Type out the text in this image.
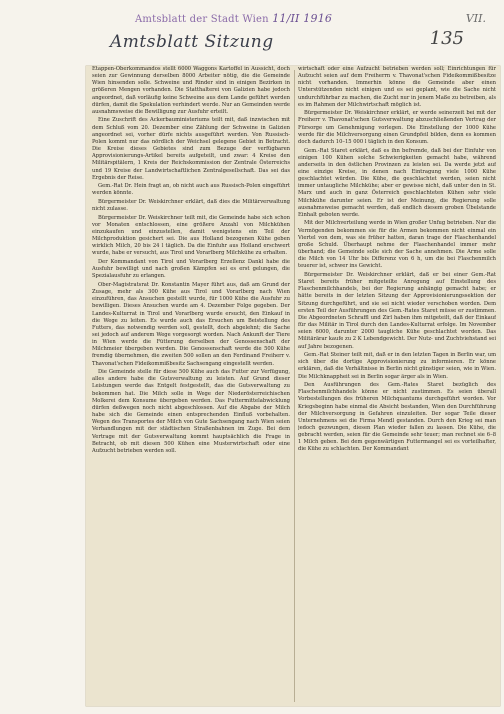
Amtsblatt der Stadt Wien 11/II 1916	VII.
Amtsblatt Sitzung	135

Etappen-Oberkommandos stellt 6000 Waggons Kartoffel in Aussicht, doch seien zur Gewinnung derselben 8000 Arbeiter nötig, die die Gemeinde Wien hinsenden solle. Schweine und Rinder sind in einigen Bezirken in größeren Mengen vorhanden. Die Statthalterei von Galizien habe jedoch angeordnet, daß vorläufig keine Schweine aus dem Lande geführt werden dürfen, damit die Spekulation verhindert werde. Nur an Gemeinden werde ausnahmsweise die Bewilligung zur Ausfuhr erteilt.

Eine Zuschrift des Ackerbauministeriums teilt mit, daß inzwischen mit dem Schluß vom 20. Dezember eine Zählung der Schweine in Galizien angeordnet sei, vorher dürfe nichts ausgeführt werden. Von Russisch-Polen kommt nur das nördlich der Weichsel gelegene Gebiet in Betracht. Die Kreise dieses Gebietes sind zum Bezuge der verfügbaren Approvisionierungs-Artikel bereits aufgeteilt, und zwar: 4 Kreise den Militärspitälern, 1 Kreis der Reichskommission der Zentrale Österreichs und 19 Kreise der Landwirtschaftlichen Zentralgesellschaft. Das sei das Ergebnis der Reise.

Gem.-Rat Dr. Hein fragt an, ob nicht auch aus Russisch-Polen eingeführt werden könnte.

Bürgermeister Dr. Weiskirchner erklärt, daß dies die Militärverwaltung nicht zulasse.

Bürgermeister Dr. Weiskirchner teilt mit, die Gemeinde habe sich schon vor Monaten entschlossen, eine größere Anzahl von Milchkühen einzukaufen und einzustellen, damit wenigstens ein Teil der Milchproduktion gesichert sei. Die aus Holland bezogenen Kühe geben wirklich Milch, 20 bis 24 l täglich. Da die Einfuhr aus Holland erschwert wurde, habe er versucht, aus Tirol und Vorarlberg Milchkühe zu erhalten.

Der Kommandant von Tirol und Vorarlberg Erzellenz Dankl habe die Ausfuhr bewilligt und nach großen Kämpfen sei es erst gelungen, die Spezialausfuhr zu erlangen.

Ober-Magistratsrat Dr. Konstantin Mayer führt aus, daß am Grund der Zusage, mehr als 300 Kühe aus Tirol und Vorarlberg nach Wien einzuführen, das Ansuchen gestellt wurde, für 1000 Kühe die Ausfuhr zu bewilligen. Dieses Ansuchen wurde am 4. Dezember Folge gegeben. Der Landes-Kulturrat in Tirol und Vorarlberg wurde ersucht, den Einkauf in die Wege zu leiten. Es wurde auch das Ersuchen um Beistellung des Futters, das notwendig werden soll, gestellt, doch abgelehnt; die Sache sei jedoch auf anderem Wege vorgesorgt worden. Nach Ankunft der Tiere in Wien werde die Fütterung derselben der Genossenschaft der Milchmeier übergeben werden. Die Genossenschaft werde die 500 Kühe fremdig übernehmen, die zweiten 500 sollen an den Ferdinand Freiherr v. Thavonat'schen Fideikommißbesitz Sachsengang eingestellt werden.

Die Gemeinde stelle für diese 500 Kühe auch das Futter zur Verfügung, alles andere habe die Gutsverwaltung zu leisten. Auf Grund dieser Leistungen werde das Entgelt festgestellt, das die Gutsverwaltung zu bekommen hat. Die Milch solle in Wege der Niederösterreichischen Molkerei dem Konsume übergeben werden. Das Futtermittelabwicklung dürfen deßwegen noch nicht abgeschlossen. Auf die Abgabe der Milch habe sich die Gemeinde einen entsprechenden Einfluß vorbehalten. Wegen des Transportes der Milch von Gute Sachsengang nach Wien seien Verhandlungen mit der städtischen Straßenbahnen im Zuge. Bei dem Vertrage mit der Gutsverwaltung kommt hauptsächlich die Frage in Betracht, ob mit diesen 500 Kühen eine Musterwirtschaft oder eine Aufzucht betrieben werden soll.

wirtschaft oder eine Aufzucht betrieben werden soll; Einrichtungen für Aufzucht seien auf dem Freiherrn v. Thavonat'schen Fideikommißbesitze nicht vorhanden. Immerhin könne die Gemeinde aber einen Unterstützenden nicht einigen und es sei geplant, wie die Sache nicht undurchführbar zu machen, die Zucht nur in jenem Maße zu betreiben, als es im Rahmen der Milchwirtschaft möglich ist.

Bürgermeister Dr. Weiskirchner erklärt, er werde seinerzeit bei mit der Freiherr v. Thavonat'schen Gutsverwaltung abzuschließenden Vertrag der Fürsorge um Genehmigung vorlegen. Die Einstellung der 1000 Kühe werde für die Milchversorgung einen Grundpfeil bilden, denn es kommen doch dadurch 10–15 000 l täglich in den Konsum.

Gem.-Rat Staret erklärt, daß es ihn befremde, daß bei der Einfuhr von einigen 100 Kühen solche Schwierigkeiten gemacht habe, während anderseits in den östlichen Provinzen zu leisten sei. Da werde jetzt auf eine einzige Kreise, in denen nach Eintragung viele 1000 Kühe geschlachtet würden. Die Kühe, die geschlachtet werden, seien nicht immer untaugliche Milchkühe; aber er gewisse nicht, daß unter den in St. Marx und auch in ganz Österreich geschlachteten Kühen sehr viele Milchkühe darunter seien. Er ist der Meinung, die Regierung solle ausnahmsweise gemacht werden, daß endlich diesem groben Übelstande Einhalt geboten werde.

Mit der Milchverteilung werde in Wien großer Unfug betrieben. Nur die Vermögenden bekommen sie für die Armen bekommen nicht einmal ein Viertel von dem, was sie früher hatten, daran trage der Flaschenhandel große Schuld. Überhaupt nehme der Flaschenhandel immer mehr überhand; die Gemeinde solle sich der Sache annehmen. Die Arme solle die Milch von 14 Uhr bis Differenz von 6 h, um die bei Flaschenmilch teuerer ist, schwer ins Gewicht.

Bürgermeister Dr. Weiskirchner erklärt, daß er bei einer Gem.-Rat Staret bereits früher mitgeteilte Anregung auf Einstellung des Flaschenmilchhandels, bei der Regierung anhängig gemacht habe; er hätte bereits in der letzten Sitzung der Approvisionierungssektion der Sitzung durchgeführt, und sie sei nicht wieder verschoben worden. Dem ersten Teil der Ausführungen des Gem.-Rates Staret müsse er zustimmen. Die Abgeordneten Schraffl und Zirl haben ihm mitgeteilt, daß der Einkauf für das Militär in Tirol durch den Landes-Kulturrat erfolge. Im November seien 6000, darunter 2000 taugliche Kühe geschlachtet worden. Das Militärärar kaufe zu 2 K Lebendgewicht. Der Nutz- und Zuchtviehstand sei auf Jahre bezogenen.

Gem.-Rat Steiner teilt mit, daß er in den letzten Tagen in Berlin war, um sich über die dortige Approvisionierung zu informieren. Er könne erklären, daß die Verhältnisse in Berlin nicht günstiger seien, wie in Wien. Die Milchknappheit sei in Berlin sogar ärger als in Wien.

Den Ausführungen des Gem.-Rates Staret bezüglich des Flaschenmilchhandels könne er nicht zustimmen. Es seien überall Vorbestellungen des früheren Milchquantums durchgeführt worden. Vor Kriegsbeginn habe einmal die Absicht bestanden, Wien den Durchführung der Milchversorgung in Gefahren einzuleiten. Der sogar Teile dieser Unternehmens sei die Firma Mendl gestanden. Durch den Krieg sei man jedoch gezwungen, diesen Plan wieder fallen zu lassen. Die Kühe, die gebracht werden, seien für die Gemeinde sehr teuer; man rechnet sie 6–8 1 Milch geben. Bei dem gegenwärtigen Futtermangel sei es vorteilhafter, die Kühe zu schlachten. Der Kommandant
